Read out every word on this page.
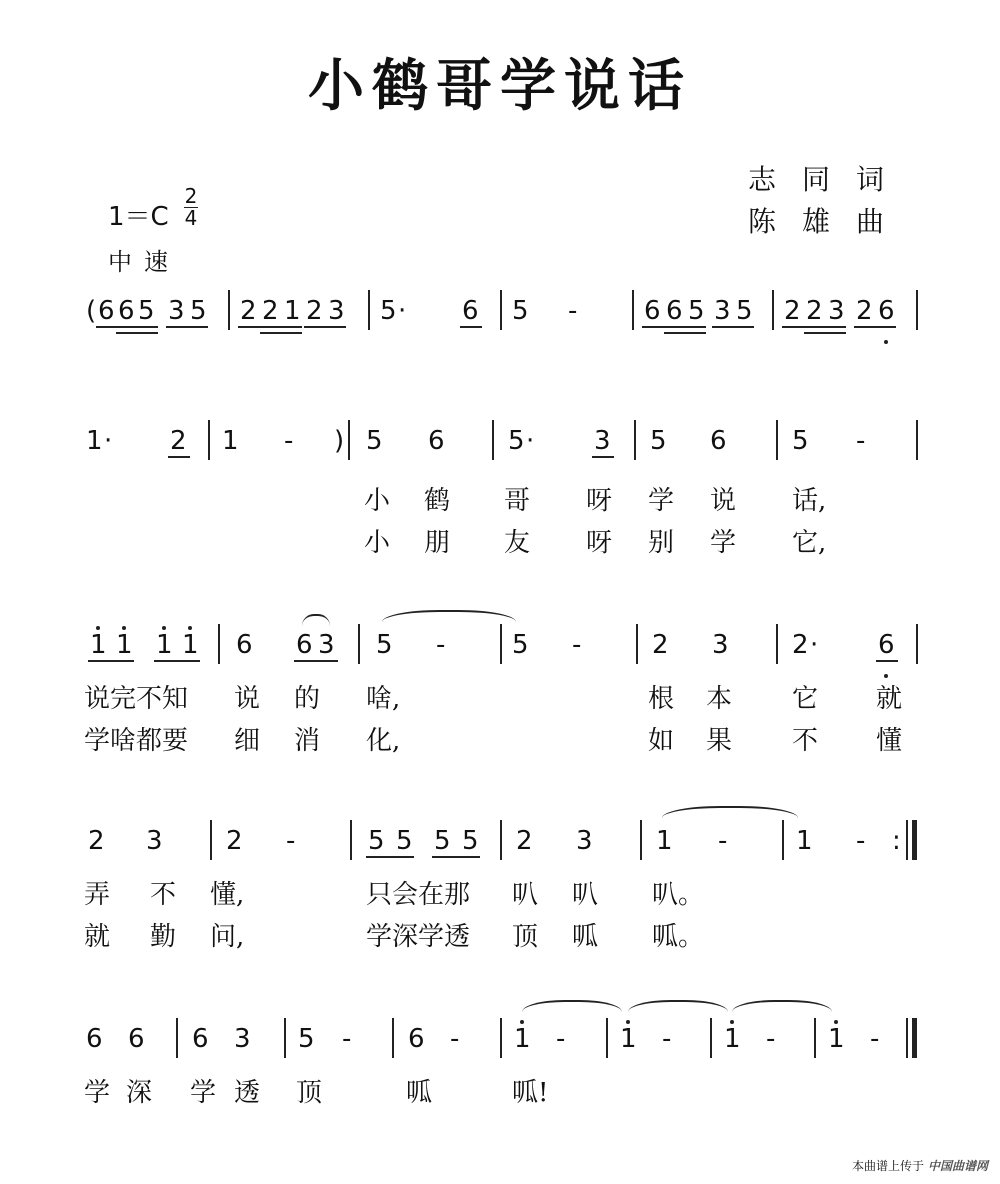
小鹤哥学说话
志同词
陈雄曲
1＝C
2
4
中速
( 6 6 5 3 5 2 2 1 2 3 5 · 6 5 -	6 6 5 3 5 2 2 3 2 6
1 · 2 1 - ) 5 6 5 · 3 5 6	5 -
小 鹤 哥 呀 学 说 话,
小 朋 友 呀 别 学 它,
1 1 1 1 6 6 3 5 -	5 -	2 3 2 · 6
说完不知 说 的 啥,	根 本 它 就
学啥都要 细 消 化,	如 果 不 懂
2 3 2 -	5 5 5 5 2 3 1 -	1 - :
弄 不 懂,	只会在那 叭 叭 叭。
就 勤 问,	学深学透 顶 呱 呱。
6 6 6 3 5 - 6 - 1 - 1 - 1 - 1 -
学 深 学 透 顶	呱	呱!
本曲谱上传于 中国曲谱网
